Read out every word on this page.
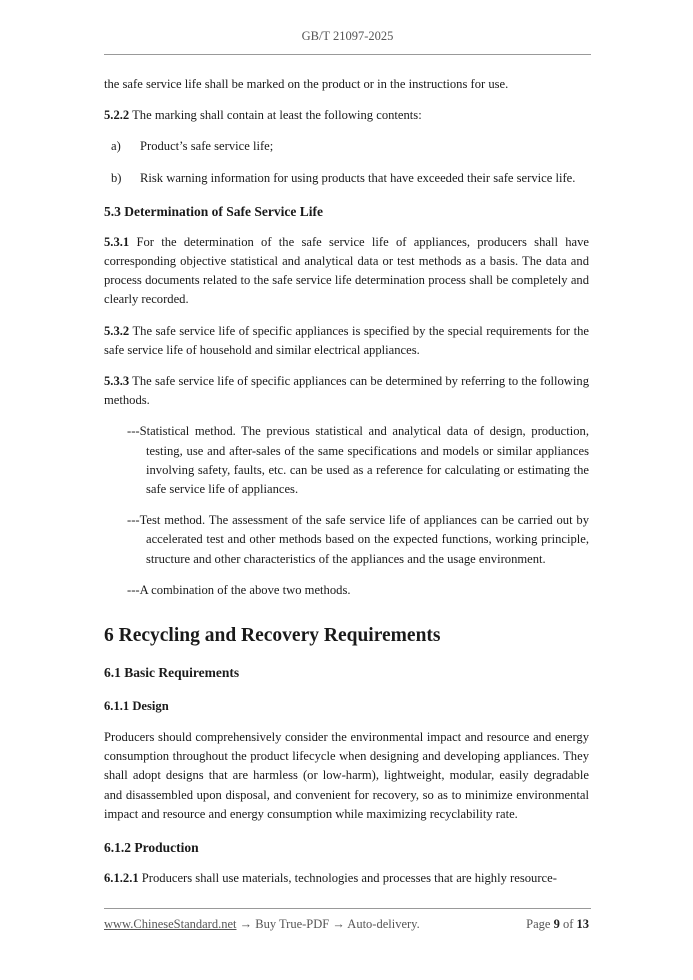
GB/T 21097-2025

the safe service life shall be marked on the product or in the instructions for use.

5.2.2 The marking shall contain at least the following contents:

a)	Product’s safe service life;
b)	Risk warning information for using products that have exceeded their safe service life.
5.3 Determination of Safe Service Life

5.3.1 For the determination of the safe service life of appliances, producers shall have corresponding objective statistical and analytical data or test methods as a basis. The data and process documents related to the safe service life determination process shall be completely and clearly recorded.

5.3.2 The safe service life of specific appliances is specified by the special requirements for the safe service life of household and similar electrical appliances.

5.3.3 The safe service life of specific appliances can be determined by referring to the following methods.

---Statistical method. The previous statistical and analytical data of design, production, testing, use and after-sales of the same specifications and models or similar appliances involving safety, faults, etc. can be used as a reference for calculating or estimating the safe service life of appliances.

---Test method. The assessment of the safe service life of appliances can be carried out by accelerated test and other methods based on the expected functions, working principle, structure and other characteristics of the appliances and the usage environment.

---A combination of the above two methods.

6 Recycling and Recovery Requirements
6.1 Basic Requirements
6.1.1 Design

Producers should comprehensively consider the environmental impact and resource and energy consumption throughout the product lifecycle when designing and developing appliances. They shall adopt designs that are harmless (or low-harm), lightweight, modular, easily degradable and disassembled upon disposal, and convenient for recovery, so as to minimize environmental impact and resource and energy consumption while maximizing recyclability rate.

6.1.2 Production

6.1.2.1 Producers shall use materials, technologies and processes that are highly resource-

www.ChineseStandard.net → Buy True-PDF → Auto-delivery.	Page 9 of 13
